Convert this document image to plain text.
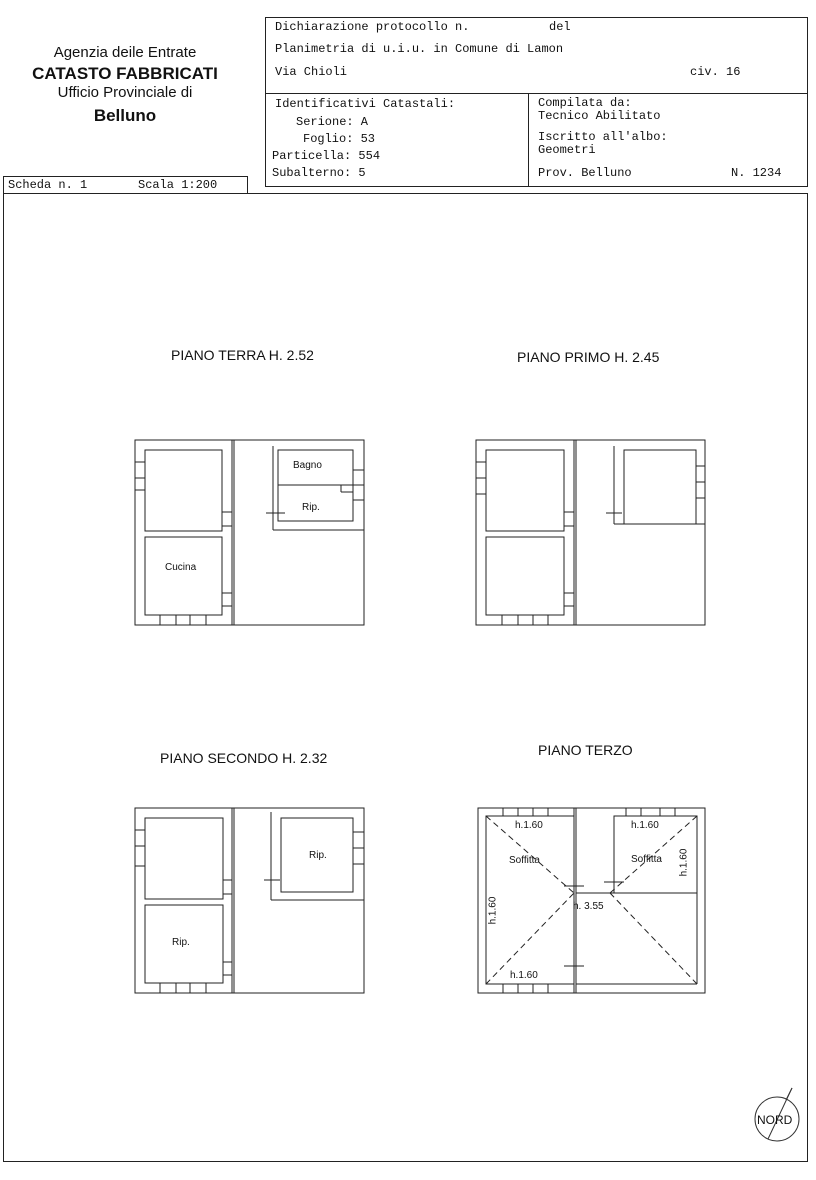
Agenzia deile Entrate
CATASTO FABBRICATI
Ufficio Provinciale di
Belluno
Dichiarazione protocollo n.	del
Planimetria di u.i.u. in Comune di Lamon
Via Chioli	civ. 16
Identificativi Catastali:
Serione: A
Foglio: 53
Particella: 554
Subalterno: 5
Compilata da:
Tecnico Abilitato
Iscritto all'albo:
Geometri
Prov. Belluno	N. 1234
Scheda n. 1	Scala 1:200
PIANO TERRA H. 2.52	PIANO PRIMO H. 2.45
PIANO SECONDO H. 2.32	PIANO TERZO
Bagno
Rip.
Cucina
Rip.
Rip.
Soffitta	Soffitta
h.1.60	h.1.60
h.1.60
h.1.60
h. 3.55
h.1.60
NORD
